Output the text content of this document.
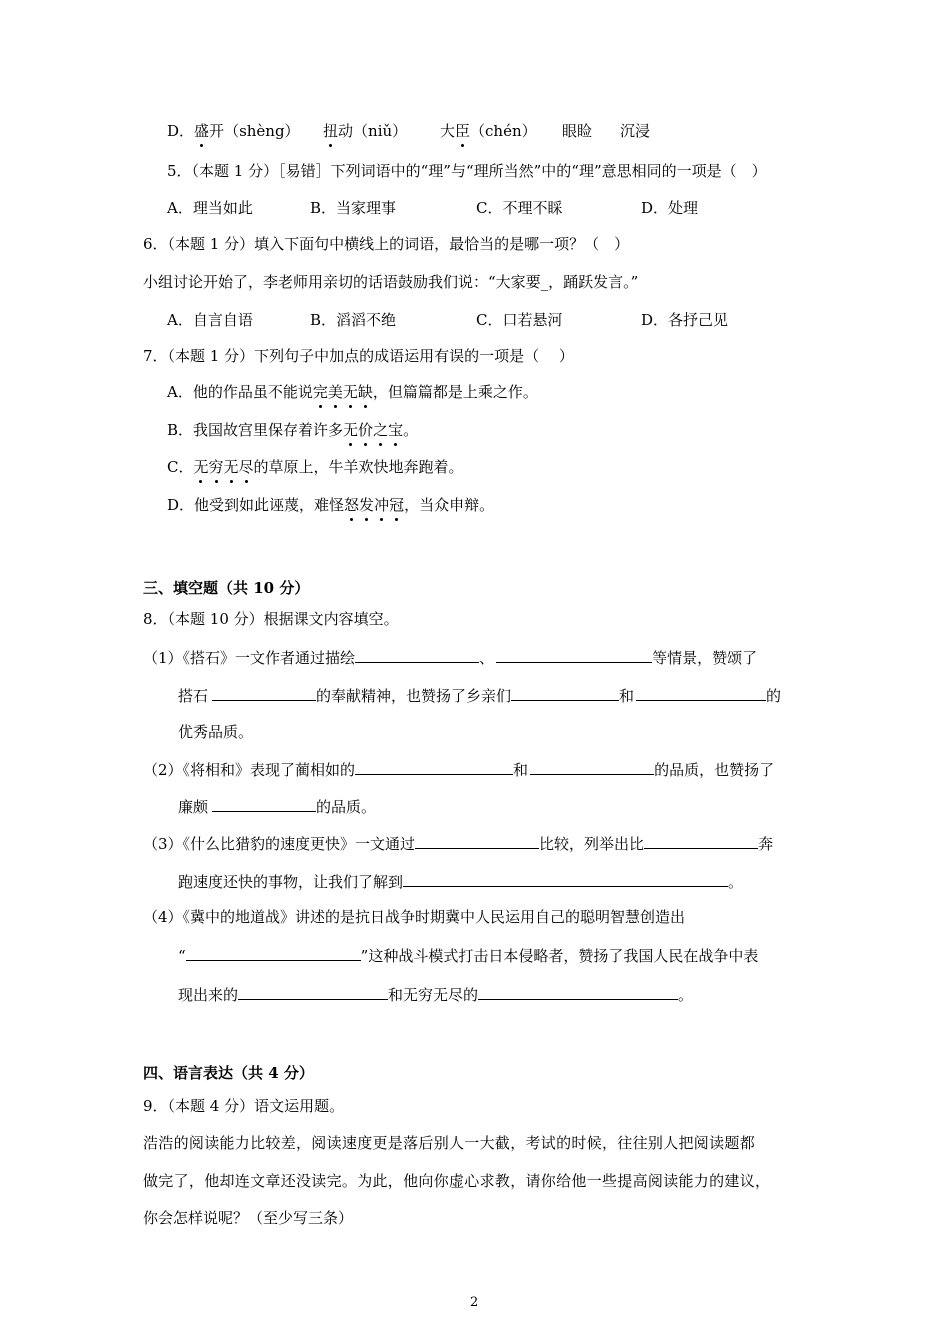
D．盛开（shèng） 扭动（niǔ） 大臣（chén） 眼睑 沉浸
5．（本题 1 分）［易错］下列词语中的“理”与“理所当然”中的“理”意思相同的一项是（　）
A．理当如此	B．当家理事	C．不理不睬	D．处理
6．（本题 1 分）填入下面句中横线上的词语，最恰当的是哪一项？（　）
小组讨论开始了，李老师用亲切的话语鼓励我们说：“大家要_，踊跃发言。”
A．自言自语	B．滔滔不绝	C．口若悬河	D．各抒己见
7．（本题 1 分）下列句子中加点的成语运用有误的一项是（　 ）
A．他的作品虽不能说完美无缺，但篇篇都是上乘之作。
B．我国故宫里保存着许多无价之宝。
C．无穷无尽的草原上，牛羊欢快地奔跑着。
D．他受到如此诬蔑，难怪怒发冲冠，当众申辩。
三、填空题（共 10 分）
8．（本题 10 分）根据课文内容填空。
（1）《搭石》一文作者通过描绘	、	等情景，赞颂了
搭石	的奉献精神，也赞扬了乡亲们	和	的
优秀品质。
（2）《将相和》表现了蔺相如的	和	的品质，也赞扬了
廉颇	的品质。
（3）《什么比猎豹的速度更快》一文通过	比较，列举出比	奔
跑速度还快的事物，让我们了解到	。
（4）《冀中的地道战》讲述的是抗日战争时期冀中人民运用自己的聪明智慧创造出
“	”这种战斗模式打击日本侵略者，赞扬了我国人民在战争中表
现出来的	和无穷无尽的	。
四、语言表达（共 4 分）
9．（本题 4 分）语文运用题。
浩浩的阅读能力比较差，阅读速度更是落后别人一大截，考试的时候，往往别人把阅读题都
做完了，他却连文章还没读完。为此，他向你虚心求教，请你给他一些提高阅读能力的建议，
你会怎样说呢？（至少写三条）
2
